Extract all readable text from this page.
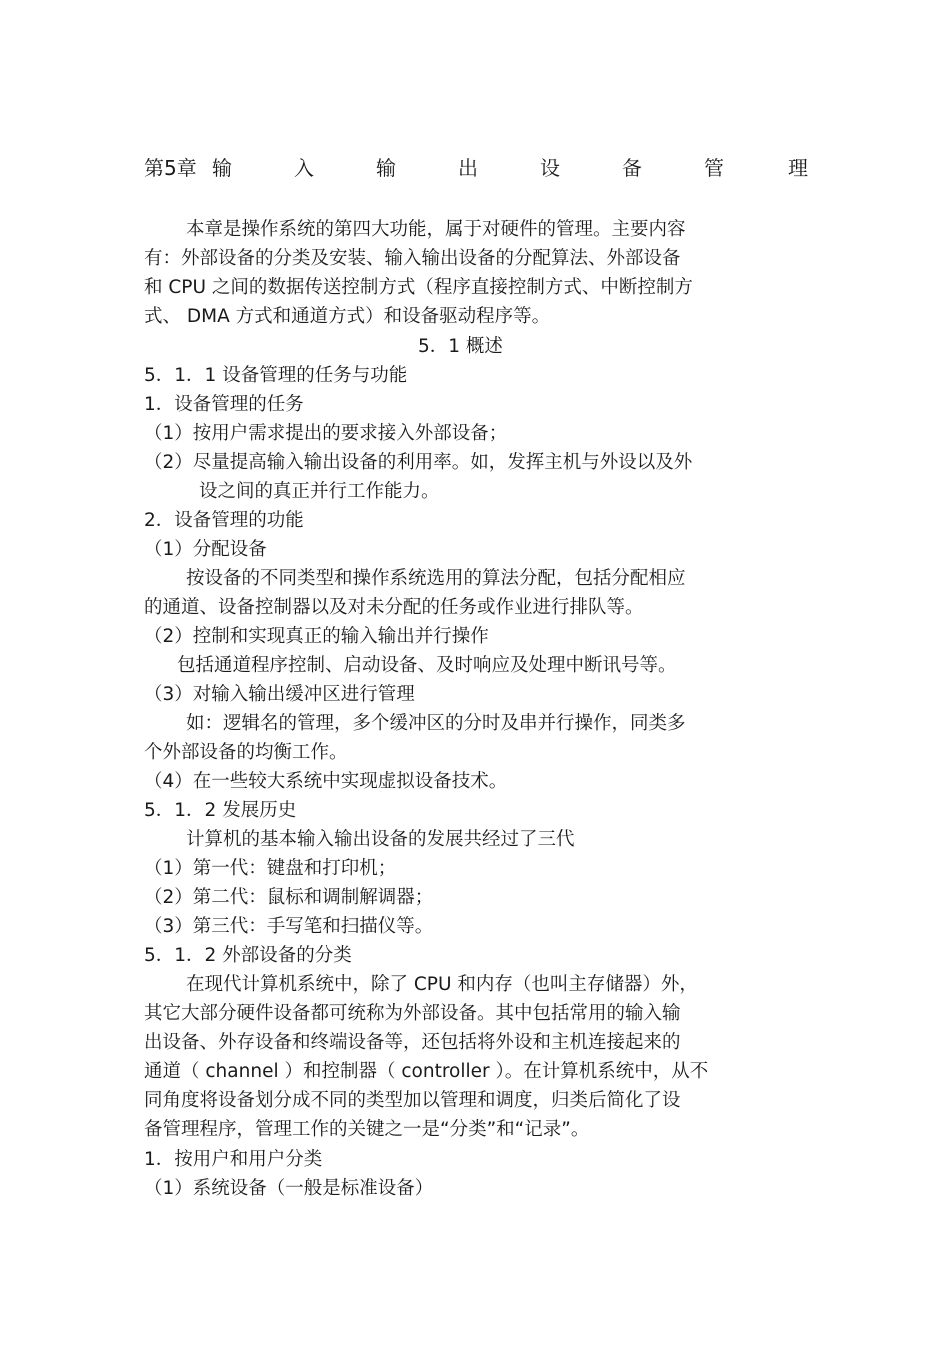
第5章 输	入	输	出	设	备	管	理
本章是操作系统的第四大功能，属于对硬件的管理。主要内容
有：外部设备的分类及安装、输入输出设备的分配算法、外部设备
和 CPU 之间的数据传送控制方式（程序直接控制方式、中断控制方
式、 DMA 方式和通道方式）和设备驱动程序等。
5．1 概述
5．1．1 设备管理的任务与功能
1．设备管理的任务
（1）按用户需求提出的要求接入外部设备；
（2）尽量提高输入输出设备的利用率。如，发挥主机与外设以及外
设之间的真正并行工作能力。
2．设备管理的功能
（1）分配设备
按设备的不同类型和操作系统选用的算法分配，包括分配相应
的通道、设备控制器以及对未分配的任务或作业进行排队等。
（2）控制和实现真正的输入输出并行操作
包括通道程序控制、启动设备、及时响应及处理中断讯号等。
（3）对输入输出缓冲区进行管理
如：逻辑名的管理，多个缓冲区的分时及串并行操作，同类多
个外部设备的均衡工作。
（4）在一些较大系统中实现虚拟设备技术。
5．1．2 发展历史
计算机的基本输入输出设备的发展共经过了三代
（1）第一代：键盘和打印机；
（2）第二代：鼠标和调制解调器；
（3）第三代：手写笔和扫描仪等。
5．1．2 外部设备的分类
在现代计算机系统中，除了 CPU 和内存（也叫主存储器）外，
其它大部分硬件设备都可统称为外部设备。其中包括常用的输入输
出设备、外存设备和终端设备等，还包括将外设和主机连接起来的
通道（ channel ）和控制器（ controller ）。在计算机系统中，从不
同角度将设备划分成不同的类型加以管理和调度，归类后简化了设
备管理程序，管理工作的关键之一是“分类”和“记录”。
1．按用户和用户分类
（1）系统设备（一般是标准设备）
